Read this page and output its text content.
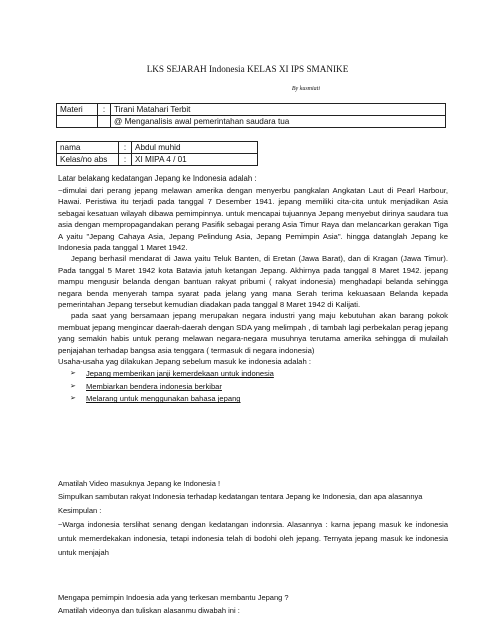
LKS SEJARAH Indonesia KELAS XI IPS SMANIKE
By kusmiati
Materi	:	Tirani Matahari Terbit
		@ Menganalisis awal pemerintahan saudara tua
nama	:	Abdul muhid
Kelas/no abs	:	XI MIPA 4 / 01

Latar belakang kedatangan Jepang ke Indonesia adalah :

~dimulai dari perang jepang melawan amerika dengan menyerbu pangkalan Angkatan Laut di Pearl Harbour, Hawai. Peristiwa itu terjadi pada tanggal 7 Desember 1941. jepang memiliki cita-cita untuk menjadikan Asia sebagai kesatuan wilayah dibawa pemimpinnya. untuk mencapai tujuannya Jepang menyebut dirinya saudara tua asia dengan mempropagandakan perang Pasifik sebagai perang Asia Timur Raya dan melancarkan gerakan Tiga A yaitu "Jepang Cahaya Asia, Jepang Pelindung Asia, Jepang Pemimpin Asia". hingga datanglah Jepang ke Indonesia pada tanggal 1 Maret 1942.

Jepang berhasil mendarat di Jawa yaitu Teluk Banten, di Eretan (Jawa Barat), dan di Kragan (Jawa Timur). Pada tanggal 5 Maret 1942 kota Batavia jatuh ketangan Jepang. Akhirnya pada tanggal 8 Maret 1942. jepang mampu mengusir belanda dengan bantuan rakyat pribumi ( rakyat indonesia) menghadapi belanda sehingga negara benda menyerah tampa syarat pada jelang yang mana Serah terima kekuasaan Belanda kepada pemerintahan Jepang tersebut kemudian diadakan pada tanggal 8 Maret 1942 di Kalijati.

pada saat yang bersamaan jepang merupakan negara industri yang maju kebutuhan akan barang pokok membuat jepang mengincar daerah-daerah dengan SDA yang melimpah , di tambah lagi perbekalan perag jepang yang semakin habis untuk perang melawan negara-negara musuhnya terutama amerika sehingga di mulailah penjajahan terhadap bangsa asia tenggara ( termasuk di negara indonesia)

Usaha-usaha yag dilakukan Jepang sebelum masuk ke indonesia adalah :

➢ Jepang memberikan janji kemerdekaan untuk indonesia
➢ Membiarkan bendera indonesia berkibar
➢ Melarang untuk menggunakan bahasa jepang

Amatilah Video masuknya Jepang ke Indonesia !

Simpulkan sambutan rakyat Indonesia terhadap kedatangan tentara Jepang ke Indonesia, dan apa alasannya

Kesimpulan :

~Warga indonesia terslihat senang dengan kedatangan indonrsia. Alasannya : karna jepang masuk ke indonesia untuk memerdekakan indonesia, tetapi indonesia telah di bodohi oleh jepang. Ternyata jepang masuk ke indonesia untuk menjajah

Mengapa pemimpin Indoesia ada yang terkesan membantu Jepang ?

Amatilah videonya dan tuliskan alasanmu diwabah ini :
